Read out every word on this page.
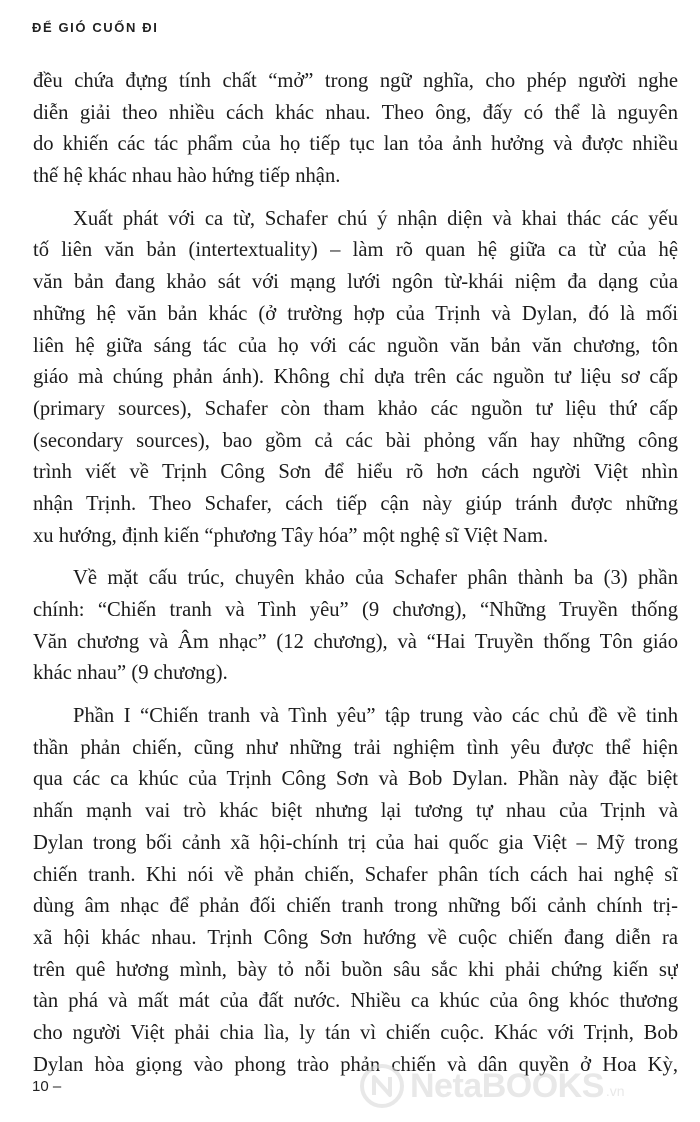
ĐỂ GIÓ CUỐN ĐI
đều chứa đựng tính chất “mở” trong ngữ nghĩa, cho phép người nghe
diễn giải theo nhiều cách khác nhau. Theo ông, đấy có thể là nguyên
do khiến các tác phẩm của họ tiếp tục lan tỏa ảnh hưởng và được nhiều
thế hệ khác nhau hào hứng tiếp nhận.
Xuất phát với ca từ, Schafer chú ý nhận diện và khai thác các yếu
tố liên văn bản (intertextuality) – làm rõ quan hệ giữa ca từ của hệ
văn bản đang khảo sát với mạng lưới ngôn từ-khái niệm đa dạng của
những hệ văn bản khác (ở trường hợp của Trịnh và Dylan, đó là mối
liên hệ giữa sáng tác của họ với các nguồn văn bản văn chương, tôn
giáo mà chúng phản ánh). Không chỉ dựa trên các nguồn tư liệu sơ cấp
(primary sources), Schafer còn tham khảo các nguồn tư liệu thứ cấp
(secondary sources), bao gồm cả các bài phỏng vấn hay những công
trình viết về Trịnh Công Sơn để hiểu rõ hơn cách người Việt nhìn
nhận Trịnh. Theo Schafer, cách tiếp cận này giúp tránh được những
xu hướng, định kiến “phương Tây hóa” một nghệ sĩ Việt Nam.
Về mặt cấu trúc, chuyên khảo của Schafer phân thành ba (3) phần
chính: “Chiến tranh và Tình yêu” (9 chương), “Những Truyền thống
Văn chương và Âm nhạc” (12 chương), và “Hai Truyền thống Tôn giáo
khác nhau” (9 chương).
Phần I “Chiến tranh và Tình yêu” tập trung vào các chủ đề về tinh
thần phản chiến, cũng như những trải nghiệm tình yêu được thể hiện
qua các ca khúc của Trịnh Công Sơn và Bob Dylan. Phần này đặc biệt
nhấn mạnh vai trò khác biệt nhưng lại tương tự nhau của Trịnh và
Dylan trong bối cảnh xã hội-chính trị của hai quốc gia Việt – Mỹ trong
chiến tranh. Khi nói về phản chiến, Schafer phân tích cách hai nghệ sĩ
dùng âm nhạc để phản đối chiến tranh trong những bối cảnh chính trị-
xã hội khác nhau. Trịnh Công Sơn hướng về cuộc chiến đang diễn ra
trên quê hương mình, bày tỏ nỗi buồn sâu sắc khi phải chứng kiến sự
tàn phá và mất mát của đất nước. Nhiều ca khúc của ông khóc thương
cho người Việt phải chia lìa, ly tán vì chiến cuộc. Khác với Trịnh, Bob
Dylan hòa giọng vào phong trào phản chiến và dân quyền ở Hoa Kỳ,
10 –	NetaBOOKS .vn
